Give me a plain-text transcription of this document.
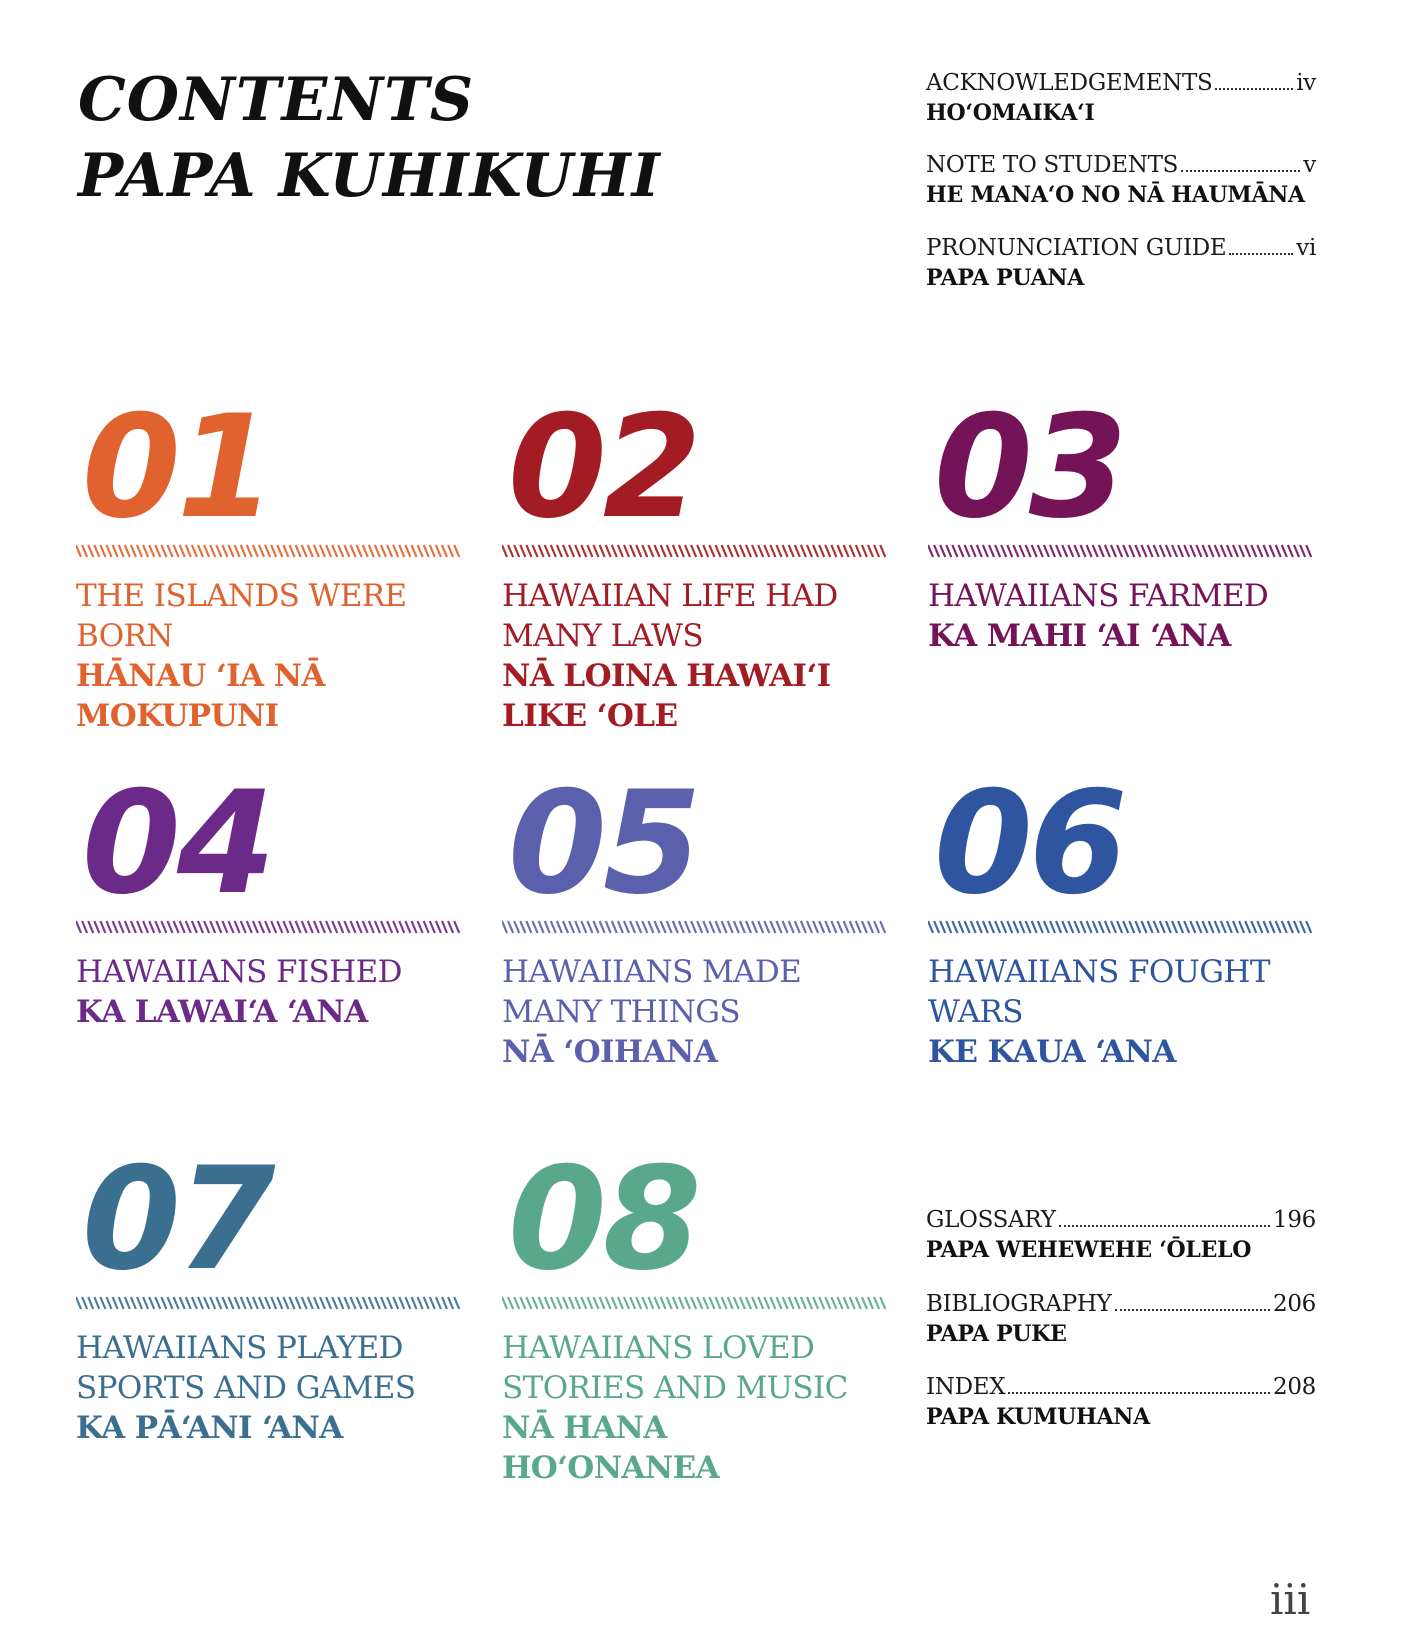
CONTENTS
PAPA KUHIKUHI
ACKNOWLEDGEMENTS	iv
HOʻOMAIKAʻI
NOTE TO STUDENTS	v
HE MANAʻO NO NĀ HAUMĀNA
PRONUNCIATION GUIDE	vi
PAPA PUANA
01
THE ISLANDS WERE BORN
HĀNAU ʻIA NĀ MOKUPUNI
02
HAWAIIAN LIFE HAD MANY LAWS
NĀ LOINA HAWAIʻI LIKE ʻOLE
03
HAWAIIANS FARMED
KA MAHI ʻAI ʻANA
04
HAWAIIANS FISHED
KA LAWAIʻA ʻANA
05
HAWAIIANS MADE MANY THINGS
NĀ ʻOIHANA
06
HAWAIIANS FOUGHT WARS
KE KAUA ʻANA
07
HAWAIIANS PLAYED SPORTS AND GAMES
KA PĀʻANI ʻANA
08
HAWAIIANS LOVED STORIES AND MUSIC
NĀ HANA HOʻONANEA
GLOSSARY	196
PAPA WEHEWEHE ʻŌLELO
BIBLIOGRAPHY	206
PAPA PUKE
INDEX	208
PAPA KUMUHANA
iii
